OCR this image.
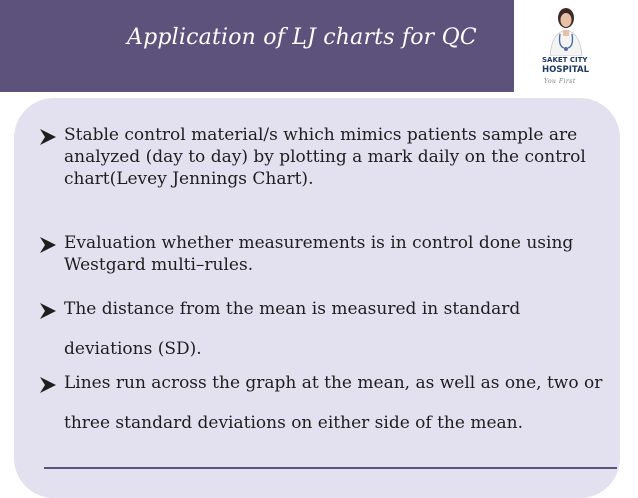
Application of LJ charts for QC
SAKET CITY
HOSPITAL
You First
Stable control material/s which mimics patients sample are analyzed (day to day) by plotting a mark daily on the control chart(Levey Jennings Chart).
Evaluation whether measurements is in control done using Westgard multi–rules.
The distance from the mean is measured in standard deviations (SD).
Lines run across the graph at the mean, as well as one, two or three standard deviations on either side of the mean.
